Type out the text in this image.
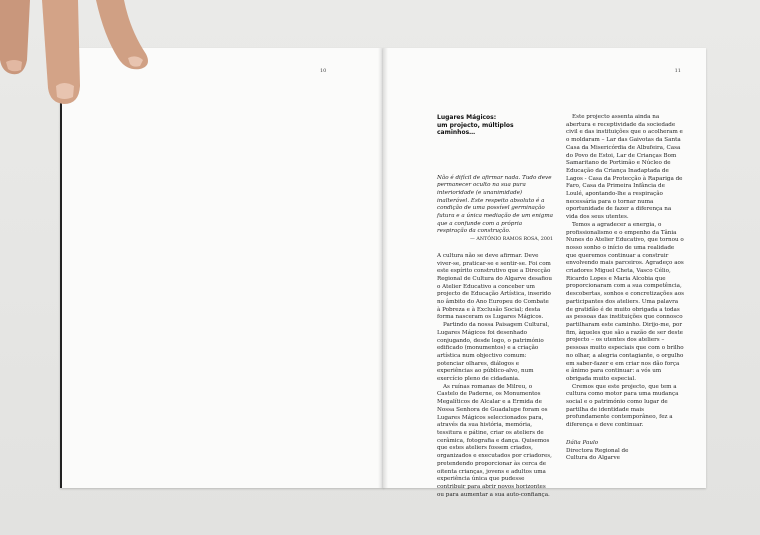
10	11
Lugares Mágicos:
um projecto, múltiplos caminhos…

Não é difícil de afirmar nada. Tudo deve permanecer oculto na sua pura interioridade (e unanimidade) inalterável. Este respeito absoluto é a condição de uma possível germinação futura e a única mediação de um enigma que a confunde com a própria respiração da construção.

— ANTÓNIO RAMOS ROSA, 2001

A cultura não se deve afirmar. Deve viver-se, praticar-se e sentir-se. Foi com este espírito construtivo que a Direcção Regional de Cultura do Algarve desafiou o Atelier Educativo a conceber um projecto de Educação Artística, inserido no âmbito do Ano Europeu do Combate à Pobreza e à Exclusão Social; desta forma nasceram os Lugares Mágicos.

Partindo da nossa Paisagem Cultural, Lugares Mágicos foi desenhado conjugando, desde logo, o património edificado (monumentos) e a criação artística num objectivo comum: potenciar olhares, diálogos e experiências ao público-alvo, num exercício pleno de cidadania.

As ruínas romanas de Milreu, o Castelo de Paderne, os Monumentos Megalíticos de Alcalar e a Ermida de Nossa Senhora de Guadalupe foram os Lugares Mágicos seleccionados para, através da sua história, memória, tessitura e pátine, criar os ateliers de cerâmica, fotografia e dança. Quisemos que estes ateliers fossem criados, organizados e executados por criadores, pretendendo proporcionar às cerca de oitenta crianças, jovens e adultos uma experiência única que pudesse contribuir para abrir novos horizontes ou para aumentar a sua auto-confiança.

Este projecto assenta ainda na abertura e receptividade da sociedade civil e das instituições que o acolheram e o moldaram – Lar das Gaivotas da Santa Casa da Misericórdia de Albufeira, Casa do Povo de Estoi, Lar de Crianças Bom Samaritano de Portimão e Núcleo de Educação da Criança Inadaptada de Lagos - Casa da Protecção à Rapariga de Faro, Casa da Primeira Infância de Loulé, apontando-lhe a respiração necessária para o tornar numa oportunidade de fazer a diferença na vida dos seus utentes.

Temos a agradecer a energia, o profissionalismo e o empenho da Tânia Nunes do Atelier Educativo, que tornou o nosso sonho o início de uma realidade que queremos continuar a construir envolvendo mais parceiros. Agradeço aos criadores Miguel Cheta, Vasco Célio, Ricardo Lopes e Maria Alcobia que proporcionaram com a sua competência, descobertas, sonhos e concretizações aos participantes dos ateliers. Uma palavra de gratidão é de muito obrigada a todas as pessoas das instituições que connosco partilharam este caminho. Dirijo-me, por fim, àqueles que são a razão de ser deste projecto – os utentes dos ateliers – pessoas muito especiais que com o brilho no olhar, a alegria contagiante, o orgulho em saber-fazer e em criar nos dão força e ânimo para continuar: a vós um obrigada muito especial.

Cremos que este projecto, que tem a cultura como motor para uma mudança social e o património como lugar de partilha de identidade mais profundamente contemporâneo, fez a diferença e deve continuar.

Dália Paulo
Directora Regional de
Cultura do Algarve
